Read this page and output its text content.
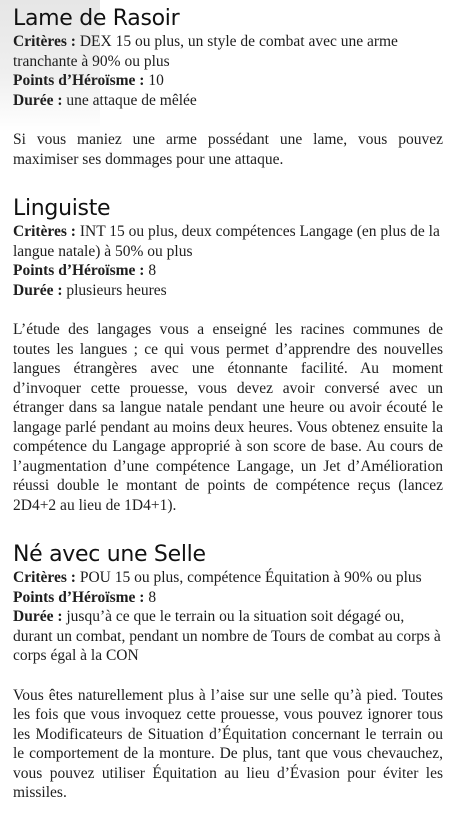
Lame de Rasoir

Critères : DEX 15 ou plus, un style de combat avec une arme tranchante à 90% ou plus

Points d’Héroïsme : 10

Durée : une attaque de mêlée

Si vous maniez une arme possédant une lame, vous pouvez maximiser ses dommages pour une attaque.

Linguiste

Critères : INT 15 ou plus, deux compétences Langage (en plus de la langue natale) à 50% ou plus

Points d’Héroïsme : 8

Durée : plusieurs heures

L’étude des langages vous a enseigné les racines communes de toutes les langues ; ce qui vous permet d’apprendre des nouvelles langues étrangères avec une étonnante facilité. Au moment d’invoquer cette prouesse, vous devez avoir conversé avec un étranger dans sa langue natale pendant une heure ou avoir écouté le langage parlé pendant au moins deux heures. Vous obtenez ensuite la compétence du Langage approprié à son score de base. Au cours de l’augmentation d’une compétence Langage, un Jet d’Amélioration réussi double le montant de points de compétence reçus (lancez 2D4+2 au lieu de 1D4+1).

Né avec une Selle

Critères : POU 15 ou plus, compétence Équitation à 90% ou plus

Points d’Héroïsme : 8

Durée : jusqu’à ce que le terrain ou la situation soit dégagé ou, durant un combat, pendant un nombre de Tours de combat au corps à corps égal à la CON

Vous êtes naturellement plus à l’aise sur une selle qu’à pied. Toutes les fois que vous invoquez cette prouesse, vous pouvez ignorer tous les Modificateurs de Situation d’Équitation concernant le terrain ou le comportement de la monture. De plus, tant que vous chevauchez, vous pouvez utiliser Équitation au lieu d’Évasion pour éviter les missiles.
